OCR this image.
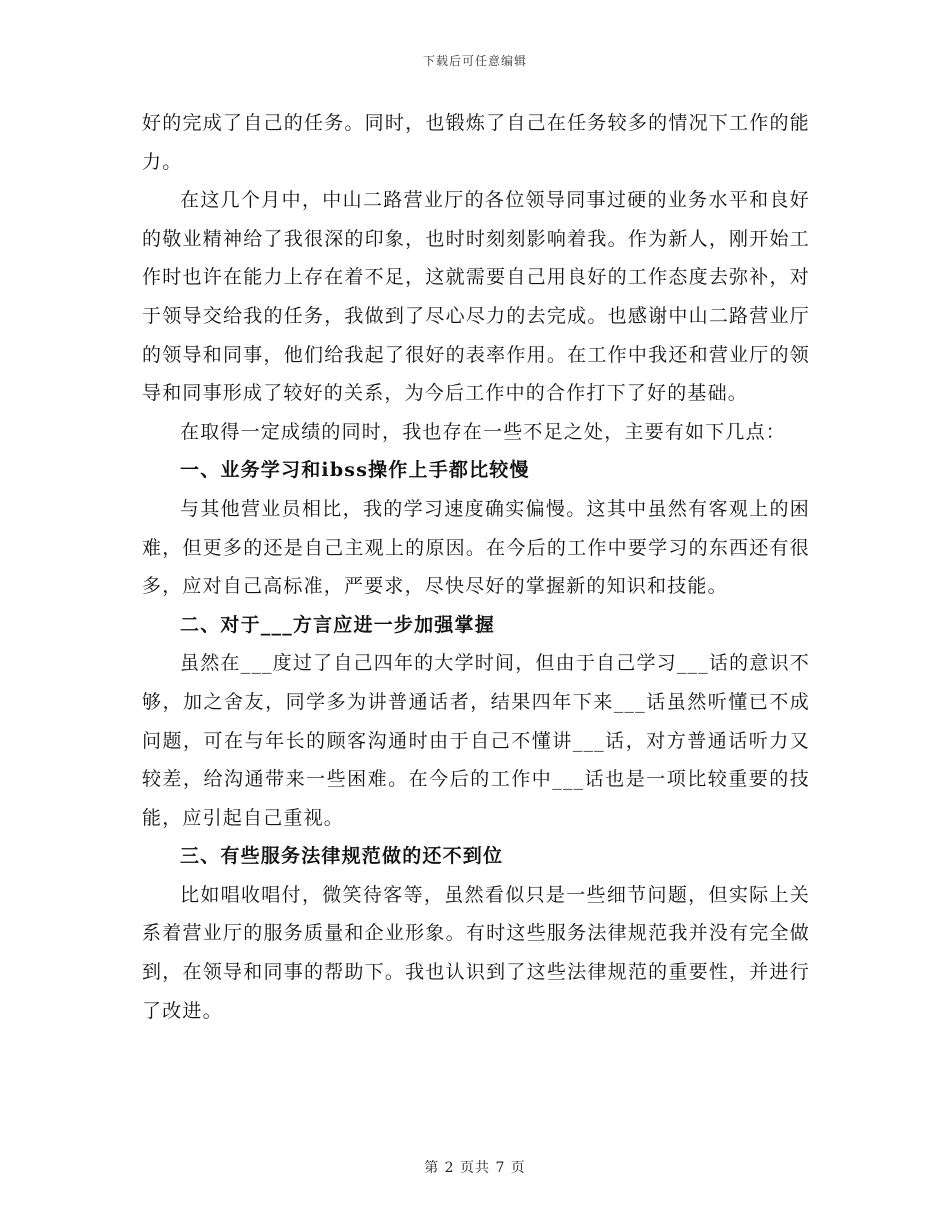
下载后可任意编辑

好的完成了自己的任务。同时，也锻炼了自己在任务较多的情况下工作的能力。

在这几个月中，中山二路营业厅的各位领导同事过硬的业务水平和良好的敬业精神给了我很深的印象，也时时刻刻影响着我。作为新人，刚开始工作时也许在能力上存在着不足，这就需要自己用良好的工作态度去弥补，对于领导交给我的任务，我做到了尽心尽力的去完成。也感谢中山二路营业厅的领导和同事，他们给我起了很好的表率作用。在工作中我还和营业厅的领导和同事形成了较好的关系，为今后工作中的合作打下了好的基础。

在取得一定成绩的同时，我也存在一些不足之处，主要有如下几点：

一、业务学习和ibss操作上手都比较慢

与其他营业员相比，我的学习速度确实偏慢。这其中虽然有客观上的困难，但更多的还是自己主观上的原因。在今后的工作中要学习的东西还有很多，应对自己高标准，严要求，尽快尽好的掌握新的知识和技能。

二、对于___方言应进一步加强掌握

虽然在___度过了自己四年的大学时间，但由于自己学习___话的意识不够，加之舍友，同学多为讲普通话者，结果四年下来___话虽然听懂已不成问题，可在与年长的顾客沟通时由于自己不懂讲___话，对方普通话听力又较差，给沟通带来一些困难。在今后的工作中___话也是一项比较重要的技能，应引起自己重视。

三、有些服务法律规范做的还不到位

比如唱收唱付，微笑待客等，虽然看似只是一些细节问题，但实际上关系着营业厅的服务质量和企业形象。有时这些服务法律规范我并没有完全做到，在领导和同事的帮助下。我也认识到了这些法律规范的重要性，并进行了改进。

第 2 页共 7 页
